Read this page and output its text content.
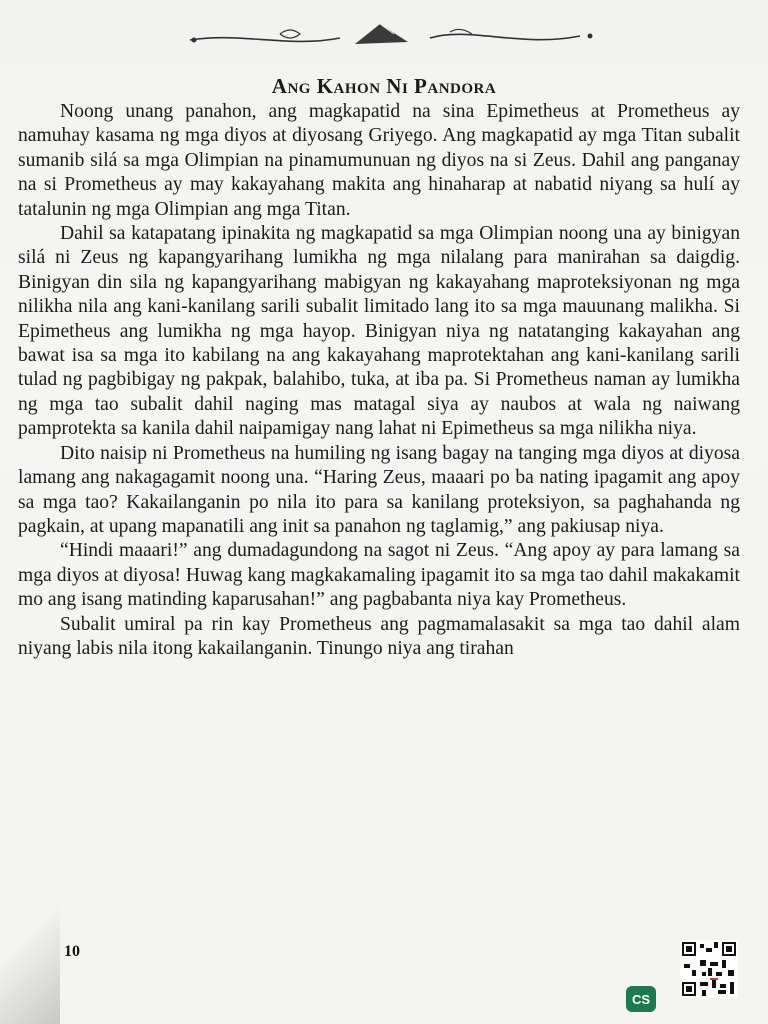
Ang Kahon Ni Pandora

Noong unang panahon, ang magkapatid na sina Epimetheus at Prometheus ay namuhay kasama ng mga diyos at diyosang Griyego. Ang magkapatid ay mga Titan subalit sumanib silá sa mga Olimpian na pinamumunuan ng diyos na si Zeus. Dahil ang panganay na si Prometheus ay may kakayahang makita ang hinaharap at nabatid niyang sa hulí ay tatalunin ng mga Olimpian ang mga Titan.

Dahil sa katapatang ipinakita ng magkapatid sa mga Olimpian noong una ay binigyan silá ni Zeus ng kapangyarihang lumikha ng mga nilalang para manirahan sa daigdig. Binigyan din sila ng kapangyarihang mabigyan ng kakayahang maproteksiyonan ng mga nilikha nila ang kani-kanilang sarili subalit limitado lang ito sa mga mauunang malikha. Si Epimetheus ang lumikha ng mga hayop. Binigyan niya ng natatanging kakayahan ang bawat isa sa mga ito kabilang na ang kakayahang maprotektahan ang kani-kanilang sarili tulad ng pagbibigay ng pakpak, balahibo, tuka, at iba pa. Si Prometheus naman ay lumikha ng mga tao subalit dahil naging mas matagal siya ay naubos at wala ng naiwang pamprotekta sa kanila dahil naipamigay nang lahat ni Epimetheus sa mga nilikha niya.

Dito naisip ni Prometheus na humiling ng isang bagay na tanging mga diyos at diyosa lamang ang nakagagamit noong una. “Haring Zeus, maaari po ba nating ipagamit ang apoy sa mga tao? Kakailanganin po nila ito para sa kanilang proteksiyon, sa paghahanda ng pagkain, at upang mapanatili ang init sa panahon ng taglamig,” ang pakiusap niya.

“Hindi maaari!” ang dumadagundong na sagot ni Zeus. “Ang apoy ay para lamang sa mga diyos at diyosa! Huwag kang magkakamaling ipagamit ito sa mga tao dahil makakamit mo ang isang matinding kaparusahan!” ang pagbabanta niya kay Prometheus.

Subalit umiral pa rin kay Prometheus ang pagmamalasakit sa mga tao dahil alam niyang labis nila itong kakailanganin. Tinungo niya ang tirahan

10
CS
